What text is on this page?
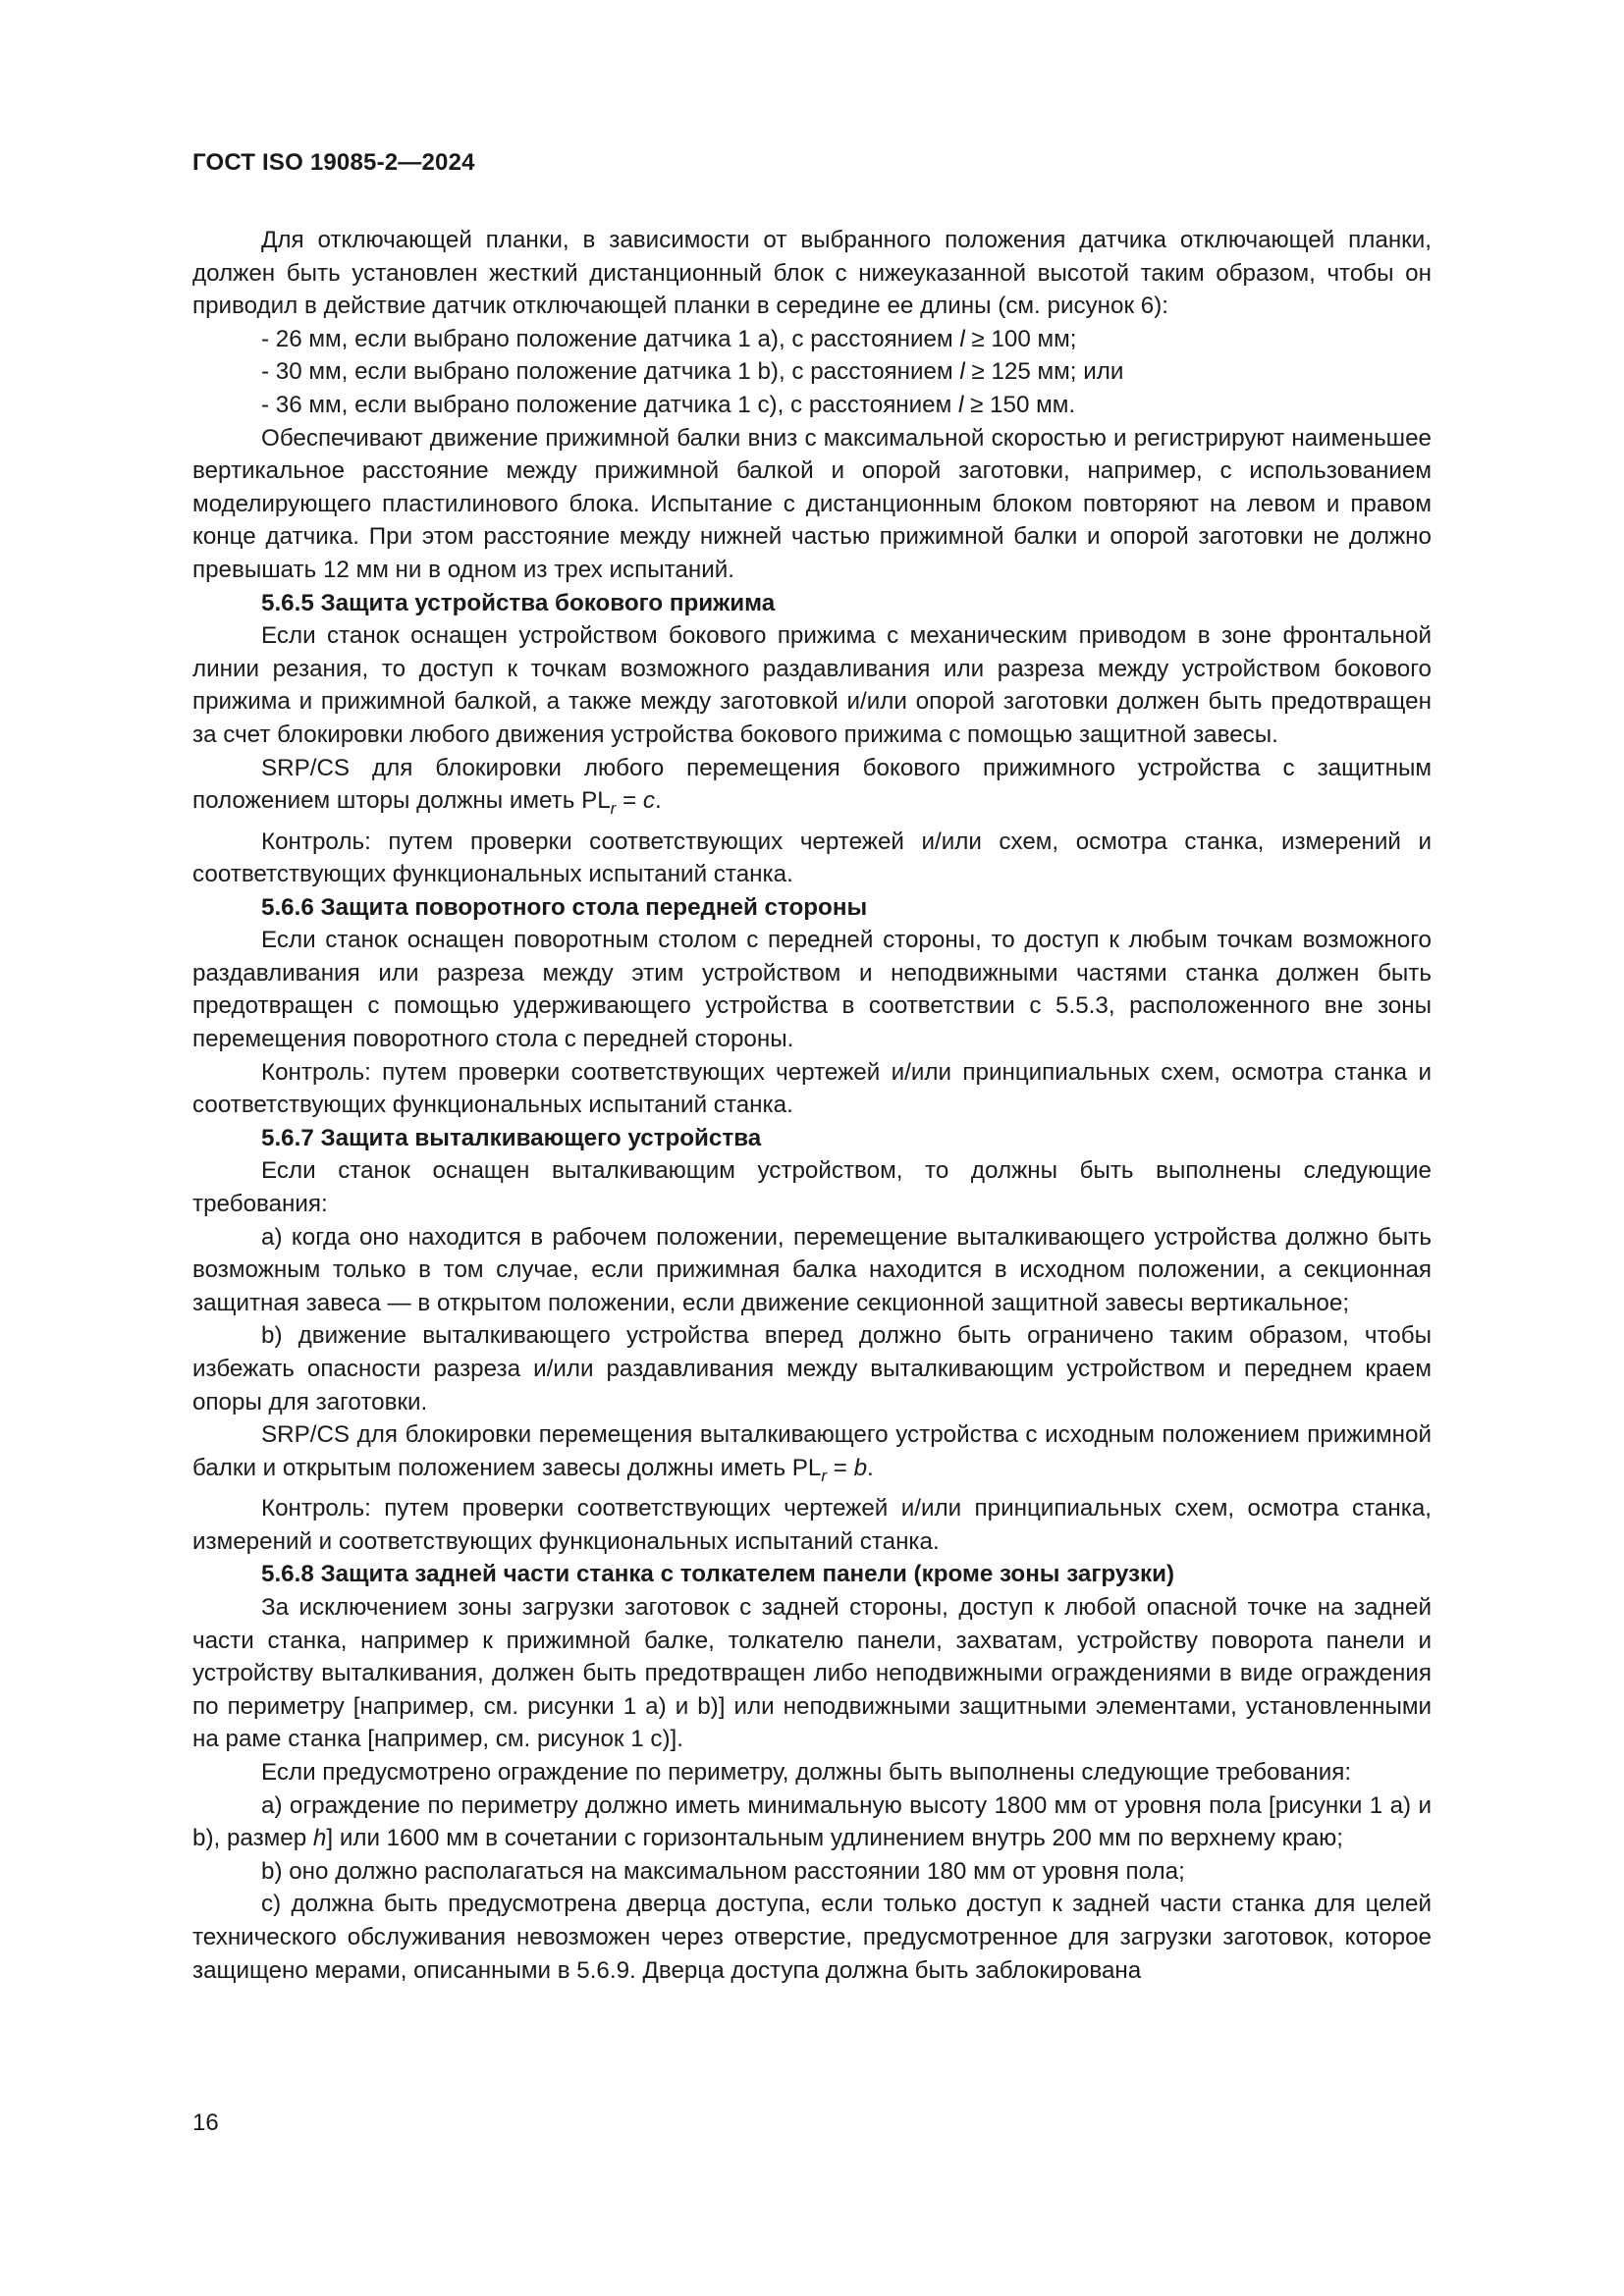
ГОСТ ISO 19085-2—2024

Для отключающей планки, в зависимости от выбранного положения датчика отключающей планки, должен быть установлен жесткий дистанционный блок с нижеуказанной высотой таким образом, чтобы он приводил в действие датчик отключающей планки в середине ее длины (см. рисунок 6):

- 26 мм, если выбрано положение датчика 1 a), с расстоянием l ≥ 100 мм;

- 30 мм, если выбрано положение датчика 1 b), с расстоянием l ≥ 125 мм; или

- 36 мм, если выбрано положение датчика 1 c), с расстоянием l ≥ 150 мм.

Обеспечивают движение прижимной балки вниз с максимальной скоростью и регистрируют наименьшее вертикальное расстояние между прижимной балкой и опорой заготовки, например, с использованием моделирующего пластилинового блока. Испытание с дистанционным блоком повторяют на левом и правом конце датчика. При этом расстояние между нижней частью прижимной балки и опорой заготовки не должно превышать 12 мм ни в одном из трех испытаний.

5.6.5 Защита устройства бокового прижима

Если станок оснащен устройством бокового прижима с механическим приводом в зоне фронтальной линии резания, то доступ к точкам возможного раздавливания или разреза между устройством бокового прижима и прижимной балкой, а также между заготовкой и/или опорой заготовки должен быть предотвращен за счет блокировки любого движения устройства бокового прижима с помощью защитной завесы.

SRP/CS для блокировки любого перемещения бокового прижимного устройства с защитным положением шторы должны иметь $PL_r = c$.

Контроль: путем проверки соответствующих чертежей и/или схем, осмотра станка, измерений и соответствующих функциональных испытаний станка.

5.6.6 Защита поворотного стола передней стороны

Если станок оснащен поворотным столом с передней стороны, то доступ к любым точкам возможного раздавливания или разреза между этим устройством и неподвижными частями станка должен быть предотвращен с помощью удерживающего устройства в соответствии с 5.5.3, расположенного вне зоны перемещения поворотного стола с передней стороны.

Контроль: путем проверки соответствующих чертежей и/или принципиальных схем, осмотра станка и соответствующих функциональных испытаний станка.

5.6.7 Защита выталкивающего устройства

Если станок оснащен выталкивающим устройством, то должны быть выполнены следующие требования:

a) когда оно находится в рабочем положении, перемещение выталкивающего устройства должно быть возможным только в том случае, если прижимная балка находится в исходном положении, а секционная защитная завеса — в открытом положении, если движение секционной защитной завесы вертикальное;

b) движение выталкивающего устройства вперед должно быть ограничено таким образом, чтобы избежать опасности разреза и/или раздавливания между выталкивающим устройством и переднем краем опоры для заготовки.

SRP/CS для блокировки перемещения выталкивающего устройства с исходным положением прижимной балки и открытым положением завесы должны иметь $PL_r = b$.

Контроль: путем проверки соответствующих чертежей и/или принципиальных схем, осмотра станка, измерений и соответствующих функциональных испытаний станка.

5.6.8 Защита задней части станка с толкателем панели (кроме зоны загрузки)

За исключением зоны загрузки заготовок с задней стороны, доступ к любой опасной точке на задней части станка, например к прижимной балке, толкателю панели, захватам, устройству поворота панели и устройству выталкивания, должен быть предотвращен либо неподвижными ограждениями в виде ограждения по периметру [например, см. рисунки 1 a) и b)] или неподвижными защитными элементами, установленными на раме станка [например, см. рисунок 1 c)].

Если предусмотрено ограждение по периметру, должны быть выполнены следующие требования:

a) ограждение по периметру должно иметь минимальную высоту 1800 мм от уровня пола [рисунки 1 a) и b), размер h] или 1600 мм в сочетании с горизонтальным удлинением внутрь 200 мм по верхнему краю;

b) оно должно располагаться на максимальном расстоянии 180 мм от уровня пола;

c) должна быть предусмотрена дверца доступа, если только доступ к задней части станка для целей технического обслуживания невозможен через отверстие, предусмотренное для загрузки заготовок, которое защищено мерами, описанными в 5.6.9. Дверца доступа должна быть заблокирована

16
